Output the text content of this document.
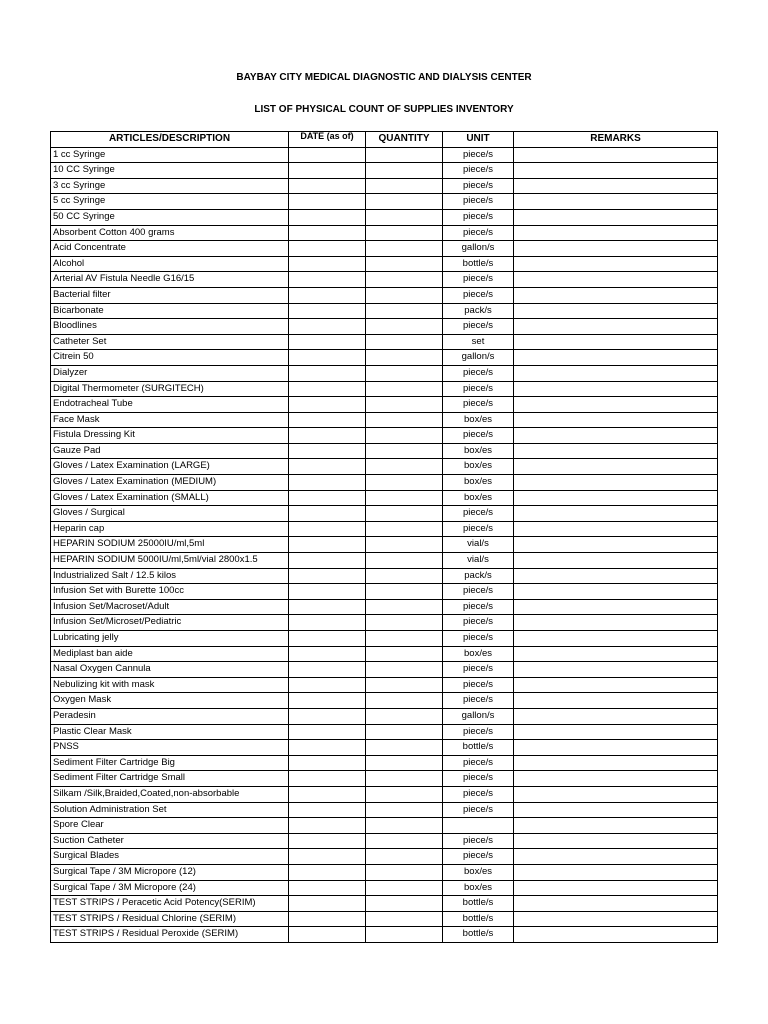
BAYBAY CITY MEDICAL DIAGNOSTIC AND DIALYSIS CENTER
LIST OF PHYSICAL COUNT OF SUPPLIES INVENTORY
ARTICLES/DESCRIPTION	DATE (as of)	QUANTITY	UNIT	REMARKS
1 cc Syringe			piece/s	
10 CC Syringe			piece/s	
3 cc Syringe			piece/s	
5 cc Syringe			piece/s	
50 CC Syringe			piece/s	
Absorbent Cotton 400 grams			piece/s	
Acid Concentrate			gallon/s	
Alcohol			bottle/s	
Arterial AV Fistula Needle G16/15			piece/s	
Bacterial filter			piece/s	
Bicarbonate			pack/s	
Bloodlines			piece/s	
Catheter Set			set	
Citrein 50			gallon/s	
Dialyzer			piece/s	
Digital Thermometer (SURGITECH)			piece/s	
Endotracheal Tube			piece/s	
Face Mask			box/es	
Fistula Dressing Kit			piece/s	
Gauze Pad			box/es	
Gloves / Latex Examination (LARGE)			box/es	
Gloves / Latex Examination (MEDIUM)			box/es	
Gloves / Latex Examination (SMALL)			box/es	
Gloves / Surgical			piece/s	
Heparin cap			piece/s	
HEPARIN SODIUM 25000IU/ml,5ml			vial/s	
HEPARIN SODIUM 5000IU/ml,5ml/vial 2800x1.5			vial/s	
Industrialized Salt / 12.5 kilos			pack/s	
Infusion Set with Burette 100cc			piece/s	
Infusion Set/Macroset/Adult			piece/s	
Infusion Set/Microset/Pediatric			piece/s	
Lubricating jelly			piece/s	
Mediplast ban aide			box/es	
Nasal Oxygen Cannula			piece/s	
Nebulizing kit with mask			piece/s	
Oxygen Mask			piece/s	
Peradesin			gallon/s	
Plastic Clear Mask			piece/s	
PNSS			bottle/s	
Sediment Filter Cartridge Big			piece/s	
Sediment Filter Cartridge Small			piece/s	
Silkam /Silk,Braided,Coated,non-absorbable			piece/s	
Solution Administration Set			piece/s	
Spore Clear				
Suction Catheter			piece/s	
Surgical Blades			piece/s	
Surgical Tape / 3M Micropore (12)			box/es	
Surgical Tape / 3M Micropore (24)			box/es	
TEST STRIPS / Peracetic Acid Potency(SERIM)			bottle/s	
TEST STRIPS / Residual Chlorine (SERIM)			bottle/s	
TEST STRIPS / Residual Peroxide (SERIM)			bottle/s	
